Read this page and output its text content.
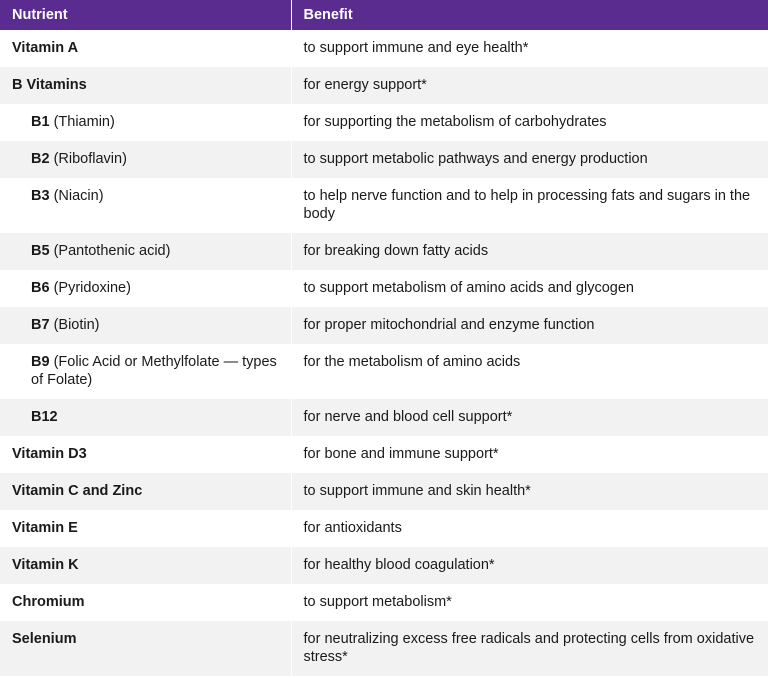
Nutrient	Benefit
Vitamin A	to support immune and eye health*
B Vitamins	for energy support*
B1 (Thiamin)	for supporting the metabolism of carbohydrates
B2 (Riboflavin)	to support metabolic pathways and energy production
B3 (Niacin)	to help nerve function and to help in processing fats and sugars in the body
B5 (Pantothenic acid)	for breaking down fatty acids
B6 (Pyridoxine)	to support metabolism of amino acids and glycogen
B7 (Biotin)	for proper mitochondrial and enzyme function
B9 (Folic Acid or Methylfolate — types of Folate)	for the metabolism of amino acids
B12	for nerve and blood cell support*
Vitamin D3	for bone and immune support*
Vitamin C and Zinc	to support immune and skin health*
Vitamin E	for antioxidants
Vitamin K	for healthy blood coagulation*
Chromium	to support metabolism*
Selenium	for neutralizing excess free radicals and protecting cells from oxidative stress*
